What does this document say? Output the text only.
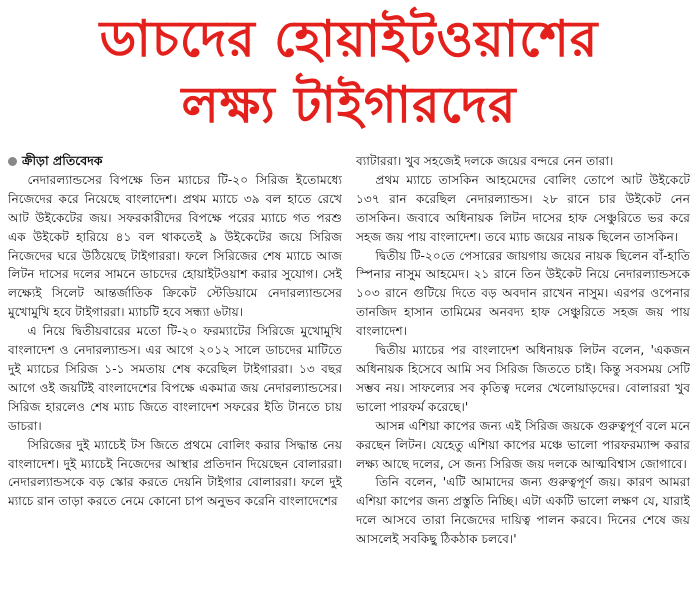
ডাচদের হোয়াইটওয়াশের
লক্ষ্য টাইগারদের
ক্রীড়া প্রতিবেদক

নেদারল্যান্ডসের বিপক্ষে তিন ম্যাচের টি-২০ সিরিজ ইতোমধ্যে নিজেদের করে নিয়েছে বাংলাদেশ। প্রথম ম্যাচে ৩৯ বল হাতে রেখে আট উইকেটের জয়। সফরকারীদের বিপক্ষে পরের ম্যাচে গত পরশু এক উইকেট হারিয়ে ৪১ বল থাকতেই ৯ উইকেটের জয়ে সিরিজ নিজেদের ঘরে উঠিয়েছে টাইগাররা। ফলে সিরিজের শেষ ম্যাচে আজ লিটন দাসের দলের সামনে ডাচদের হোয়াইটওয়াশ করার সুযোগ। সেই লক্ষ্যেই সিলেট আন্তর্জাতিক ক্রিকেট স্টেডিয়ামে নেদারল্যান্ডসের মুখোমুখি হবে টাইগাররা। ম্যাচটি হবে সন্ধ্যা ৬টায়।

এ নিয়ে দ্বিতীয়বারের মতো টি-২০ ফরম্যাটের সিরিজে মুখোমুখি বাংলাদেশ ও নেদারল্যান্ডস। এর আগে ২০১২ সালে ডাচদের মাটিতে দুই ম্যাচের সিরিজ ১-১ সমতায় শেষ করেছিল টাইগাররা। ১৩ বছর আগে ওই জয়টিই বাংলাদেশের বিপক্ষে একমাত্র জয় নেদারল্যান্ডসের। সিরিজ হারলেও শেষ ম্যাচ জিতে বাংলাদেশ সফরের ইতি টানতে চায় ডাচরা।

সিরিজের দুই ম্যাচেই টস জিতে প্রথমে বোলিং করার সিদ্ধান্ত নেয় বাংলাদেশ। দুই ম্যাচেই নিজেদের আস্থার প্রতিদান দিয়েছেন বোলাররা। নেদারল্যান্ডসকে বড় স্কোর করতে দেয়নি টাইগার বোলাররা। ফলে দুই ম্যাচে রান তাড়া করতে নেমে কোনো চাপ অনুভব করেনি বাংলাদেশের

ব্যাটাররা। খুব সহজেই দলকে জয়ের বন্দরে নেন তারা।

প্রথম ম্যাচে তাসকিন আহমেদের বোলিং তোপে আট উইকেটে ১৩৭ রান করেছিল নেদারল্যান্ডস। ২৮ রানে চার উইকেট নেন তাসকিন। জবাবে অধিনায়ক লিটন দাসের হাফ সেঞ্চুরিতে ভর করে সহজ জয় পায় বাংলাদেশ। তবে ম্যাচ জয়ের নায়ক ছিলেন তাসকিন।

দ্বিতীয় টি-২০তে পেসারের জায়গায় জয়ের নায়ক ছিলেন বাঁ-হাতি স্পিনার নাসুম আহমেদ। ২১ রানে তিন উইকেট নিয়ে নেদারল্যান্ডসকে ১০৩ রানে গুটিয়ে দিতে বড় অবদান রাখেন নাসুম। এরপর ওপেনার তানজিদ হাসান তামিমের অনবদ্য হাফ সেঞ্চুরিতে সহজ জয় পায় বাংলাদেশ।

দ্বিতীয় ম্যাচের পর বাংলাদেশ অধিনায়ক লিটন বলেন, 'একজন অধিনায়ক হিসেবে আমি সব সিরিজ জিততে চাই। কিন্তু সবসময় সেটি সম্ভব নয়। সাফল্যের সব কৃতিত্ব দলের খেলোয়াড়দের। বোলাররা খুব ভালো পারফর্ম করেছে।'

আসন্ন এশিয়া কাপের জন্য এই সিরিজ জয়কে গুরুত্বপূর্ণ বলে মনে করছেন লিটন। যেহেতু এশিয়া কাপের মঞ্চে ভালো পারফরম্যান্স করার লক্ষ্য আছে দলের, সে জন্য সিরিজ জয় দলকে আত্মবিশ্বাস জোগাবে।

তিনি বলেন, 'এটি আমাদের জন্য গুরুত্বপূর্ণ জয়। কারণ আমরা এশিয়া কাপের জন্য প্রস্তুতি নিচ্ছি। এটা একটি ভালো লক্ষণ যে, যারাই দলে আসবে তারা নিজেদের দায়িত্ব পালন করবে। দিনের শেষে জয় আসলেই সবকিছু ঠিকঠাক চলবে।'
